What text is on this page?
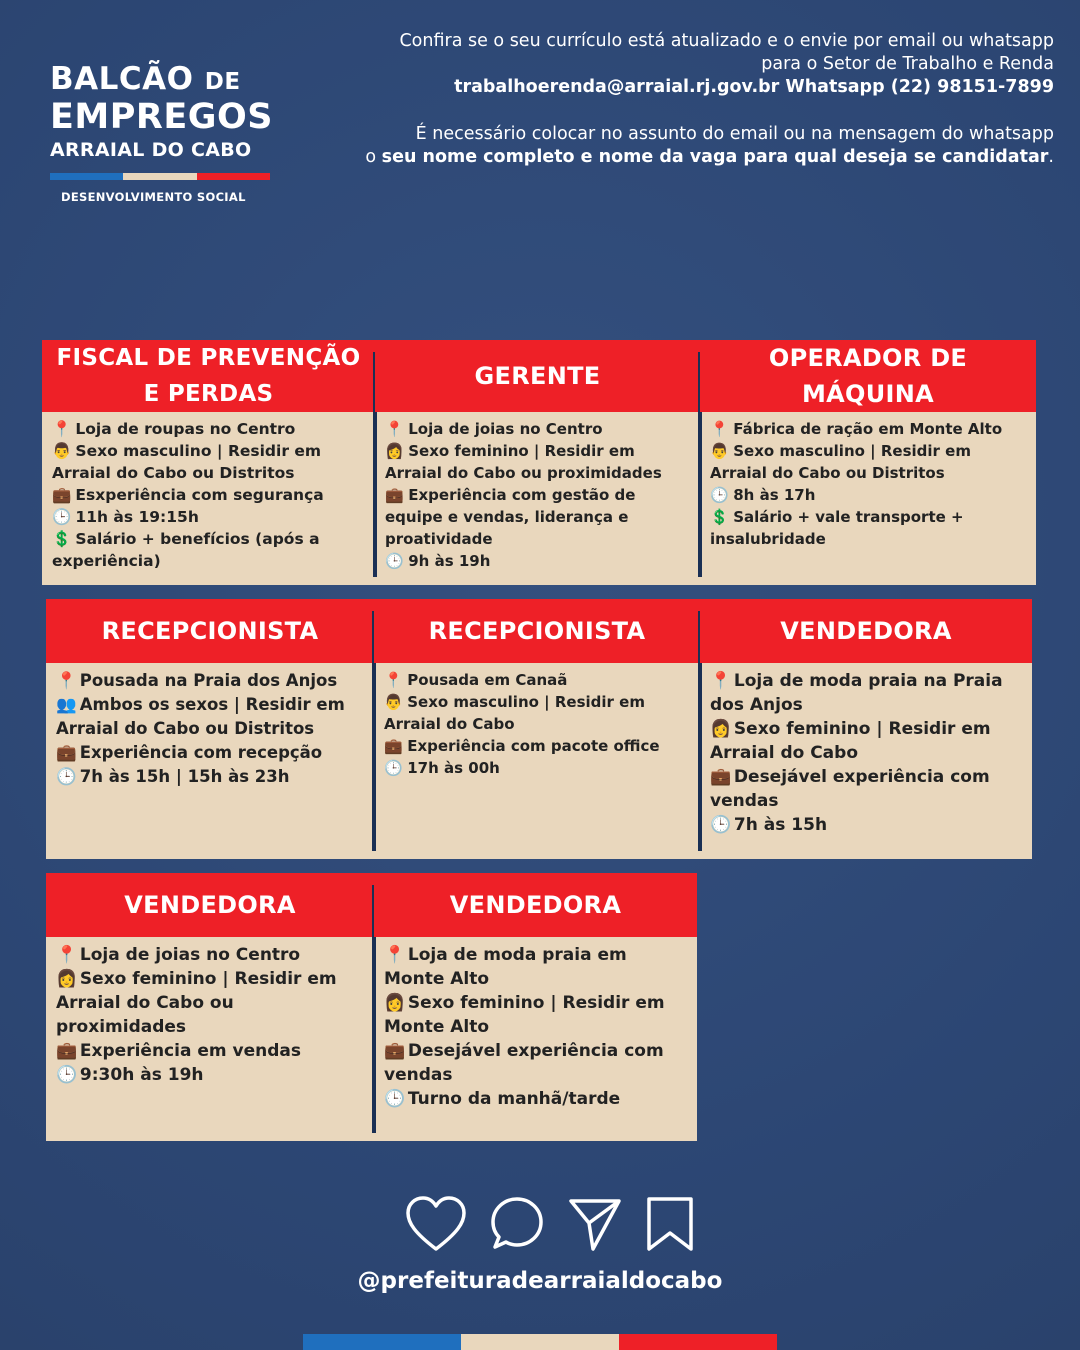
BALCÃO DE
EMPREGOS
ARRAIAL DO CABO
DESENVOLVIMENTO SOCIAL

Confira se o seu currículo está atualizado e o envie por email ou whatsapp

para o Setor de Trabalho e Renda

trabalhoerenda@arraial.rj.gov.br Whatsapp (22) 98151-7899

É necessário colocar no assunto do email ou na mensagem do whatsapp

o seu nome completo e nome da vaga para qual deseja se candidatar.

FISCAL DE PREVENÇÃO E PERDAS
📍 Loja de roupas no Centro
👨 Sexo masculino | Residir em Arraial do Cabo ou Distritos
💼 Esxperiência com segurança
🕒 11h às 19:15h
💲 Salário + benefícios (após a experiência)
GERENTE
📍 Loja de joias no Centro
👩 Sexo feminino | Residir em Arraial do Cabo ou proximidades
💼 Experiência com gestão de equipe e vendas, liderança e proatividade
🕒 9h às 19h
OPERADOR DE MÁQUINA
📍 Fábrica de ração em Monte Alto
👨 Sexo masculino | Residir em Arraial do Cabo ou Distritos
🕒 8h às 17h
💲 Salário + vale transporte + insalubridade
RECEPCIONISTA
📍 Pousada na Praia dos Anjos
👥 Ambos os sexos | Residir em Arraial do Cabo ou Distritos
💼 Experiência com recepção
🕒 7h às 15h | 15h às 23h
RECEPCIONISTA
📍 Pousada em Canaã
👨 Sexo masculino | Residir em Arraial do Cabo
💼 Experiência com pacote office
🕒 17h às 00h
VENDEDORA
📍 Loja de moda praia na Praia dos Anjos
👩 Sexo feminino | Residir em Arraial do Cabo
💼 Desejável experiência com vendas
🕒 7h às 15h
VENDEDORA
📍 Loja de joias no Centro
👩 Sexo feminino | Residir em Arraial do Cabo ou proximidades
💼 Experiência em vendas
🕒 9:30h às 19h
VENDEDORA
📍 Loja de moda praia em Monte Alto
👩 Sexo feminino | Residir em Monte Alto
💼 Desejável experiência com vendas
🕒 Turno da manhã/tarde
@prefeituradearraialdocabo
